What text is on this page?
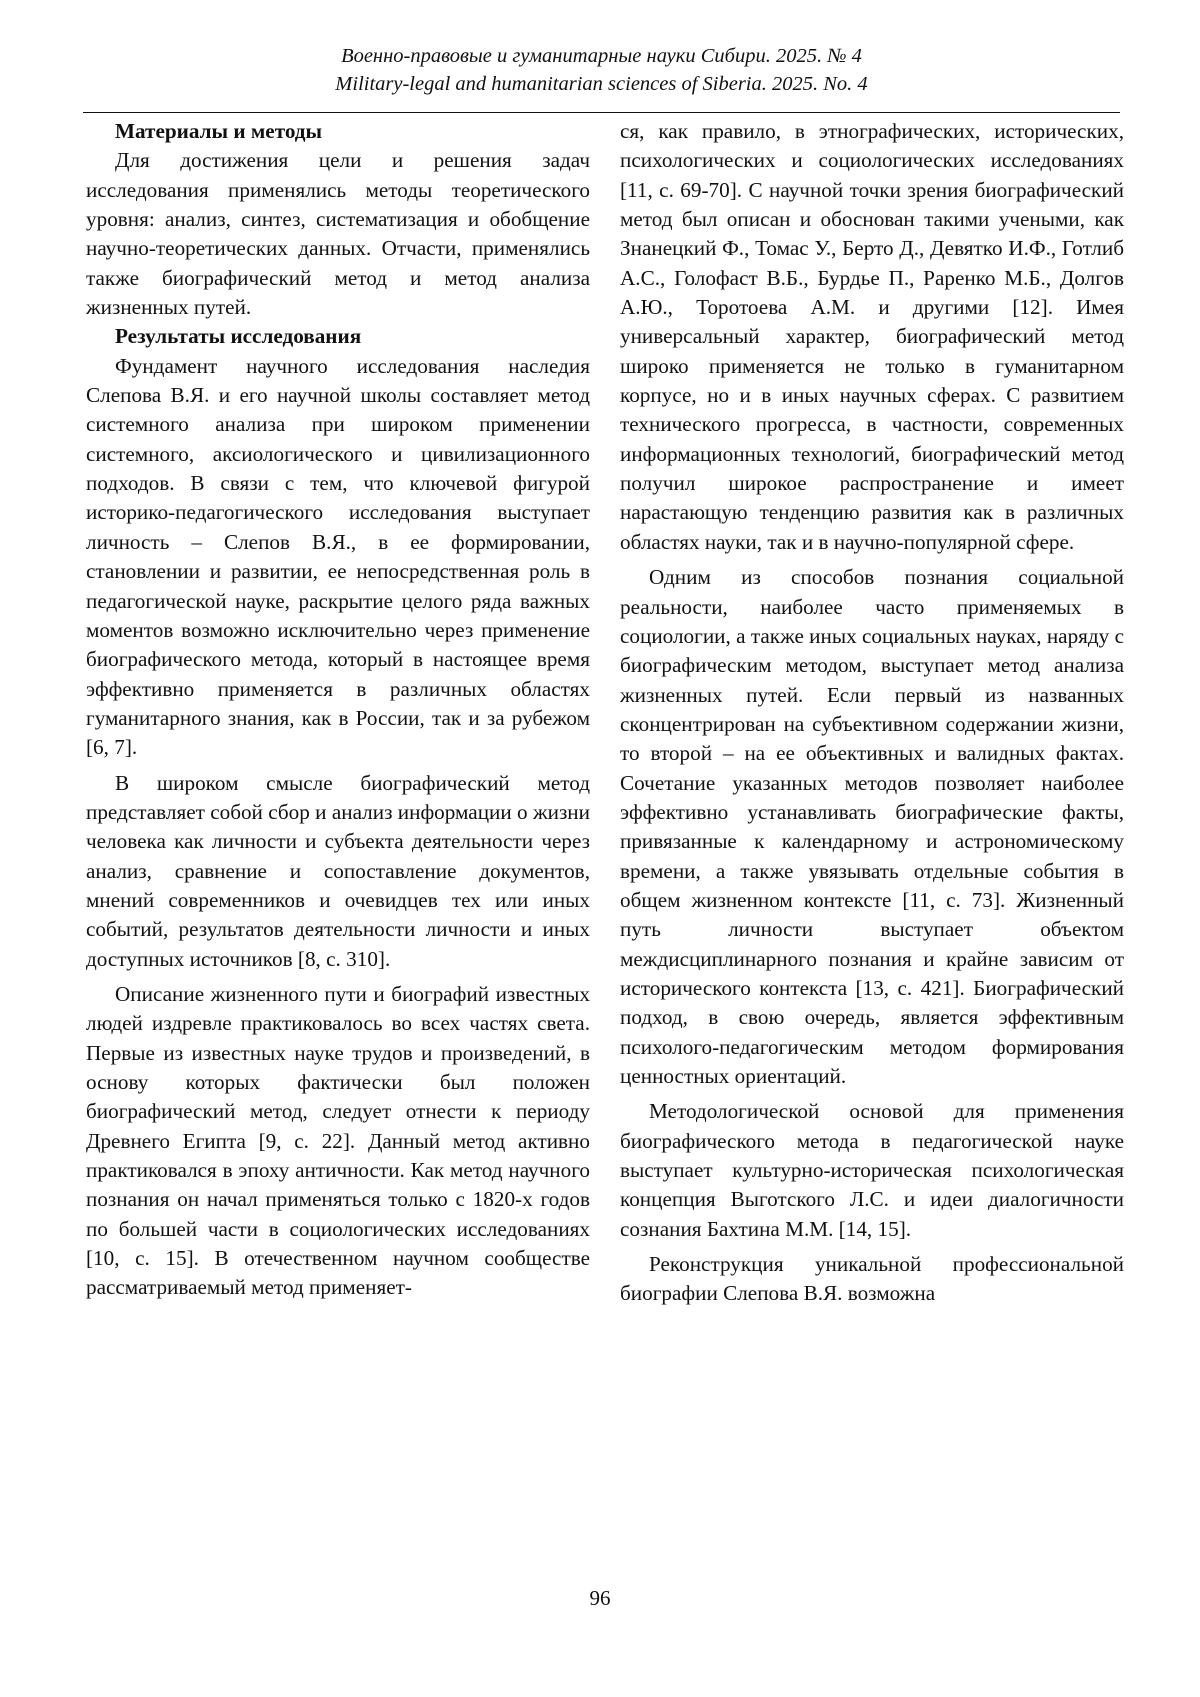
Военно-правовые и гуманитарные науки Сибири. 2025. № 4
Military-legal and humanitarian sciences of Siberia. 2025. No. 4
Материалы и методы

Для достижения цели и решения задач исследования применялись методы теоретического уровня: анализ, синтез, систематизация и обобщение научно-теоретических данных. Отчасти, применялись также биографический метод и метод анализа жизненных путей.

Результаты исследования

Фундамент научного исследования наследия Слепова В.Я. и его научной школы составляет метод системного анализа при широком применении системного, аксиологического и цивилизационного подходов. В связи с тем, что ключевой фигурой историко-педагогического исследования выступает личность – Слепов В.Я., в ее формировании, становлении и развитии, ее непосредственная роль в педагогической науке, раскрытие целого ряда важных моментов возможно исключительно через применение биографического метода, который в настоящее время эффективно применяется в различных областях гуманитарного знания, как в России, так и за рубежом [6, 7].

В широком смысле биографический метод представляет собой сбор и анализ информации о жизни человека как личности и субъекта деятельности через анализ, сравнение и сопоставление документов, мнений современников и очевидцев тех или иных событий, результатов деятельности личности и иных доступных источников [8, с. 310].

Описание жизненного пути и биографий известных людей издревле практиковалось во всех частях света. Первые из известных науке трудов и произведений, в основу которых фактически был положен биографический метод, следует отнести к периоду Древнего Египта [9, с. 22]. Данный метод активно практиковался в эпоху античности. Как метод научного познания он начал применяться только с 1820-х годов по большей части в социологических исследованиях [10, с. 15]. В отечественном научном сообществе рассматриваемый метод применяет-

ся, как правило, в этнографических, исторических, психологических и социологических исследованиях [11, с. 69-70]. С научной точки зрения биографический метод был описан и обоснован такими учеными, как Знанецкий Ф., Томас У., Берто Д., Девятко И.Ф., Готлиб А.С., Голофаст В.Б., Бурдье П., Раренко М.Б., Долгов А.Ю., Торотоева А.М. и другими [12]. Имея универсальный характер, биографический метод широко применяется не только в гуманитарном корпусе, но и в иных научных сферах. С развитием технического прогресса, в частности, современных информационных технологий, биографический метод получил широкое распространение и имеет нарастающую тенденцию развития как в различных областях науки, так и в научно-популярной сфере.

Одним из способов познания социальной реальности, наиболее часто применяемых в социологии, а также иных социальных науках, наряду с биографическим методом, выступает метод анализа жизненных путей. Если первый из названных сконцентрирован на субъективном содержании жизни, то второй – на ее объективных и валидных фактах. Сочетание указанных методов позволяет наиболее эффективно устанавливать биографические факты, привязанные к календарному и астрономическому времени, а также увязывать отдельные события в общем жизненном контексте [11, с. 73]. Жизненный путь личности выступает объектом междисциплинарного познания и крайне зависим от исторического контекста [13, с. 421]. Биографический подход, в свою очередь, является эффективным психолого-педагогическим методом формирования ценностных ориентаций.

Методологической основой для применения биографического метода в педагогической науке выступает культурно-историческая психологическая концепция Выготского Л.С. и идеи диалогичности сознания Бахтина М.М. [14, 15].

Реконструкция уникальной профессиональной биографии Слепова В.Я. возможна

96
